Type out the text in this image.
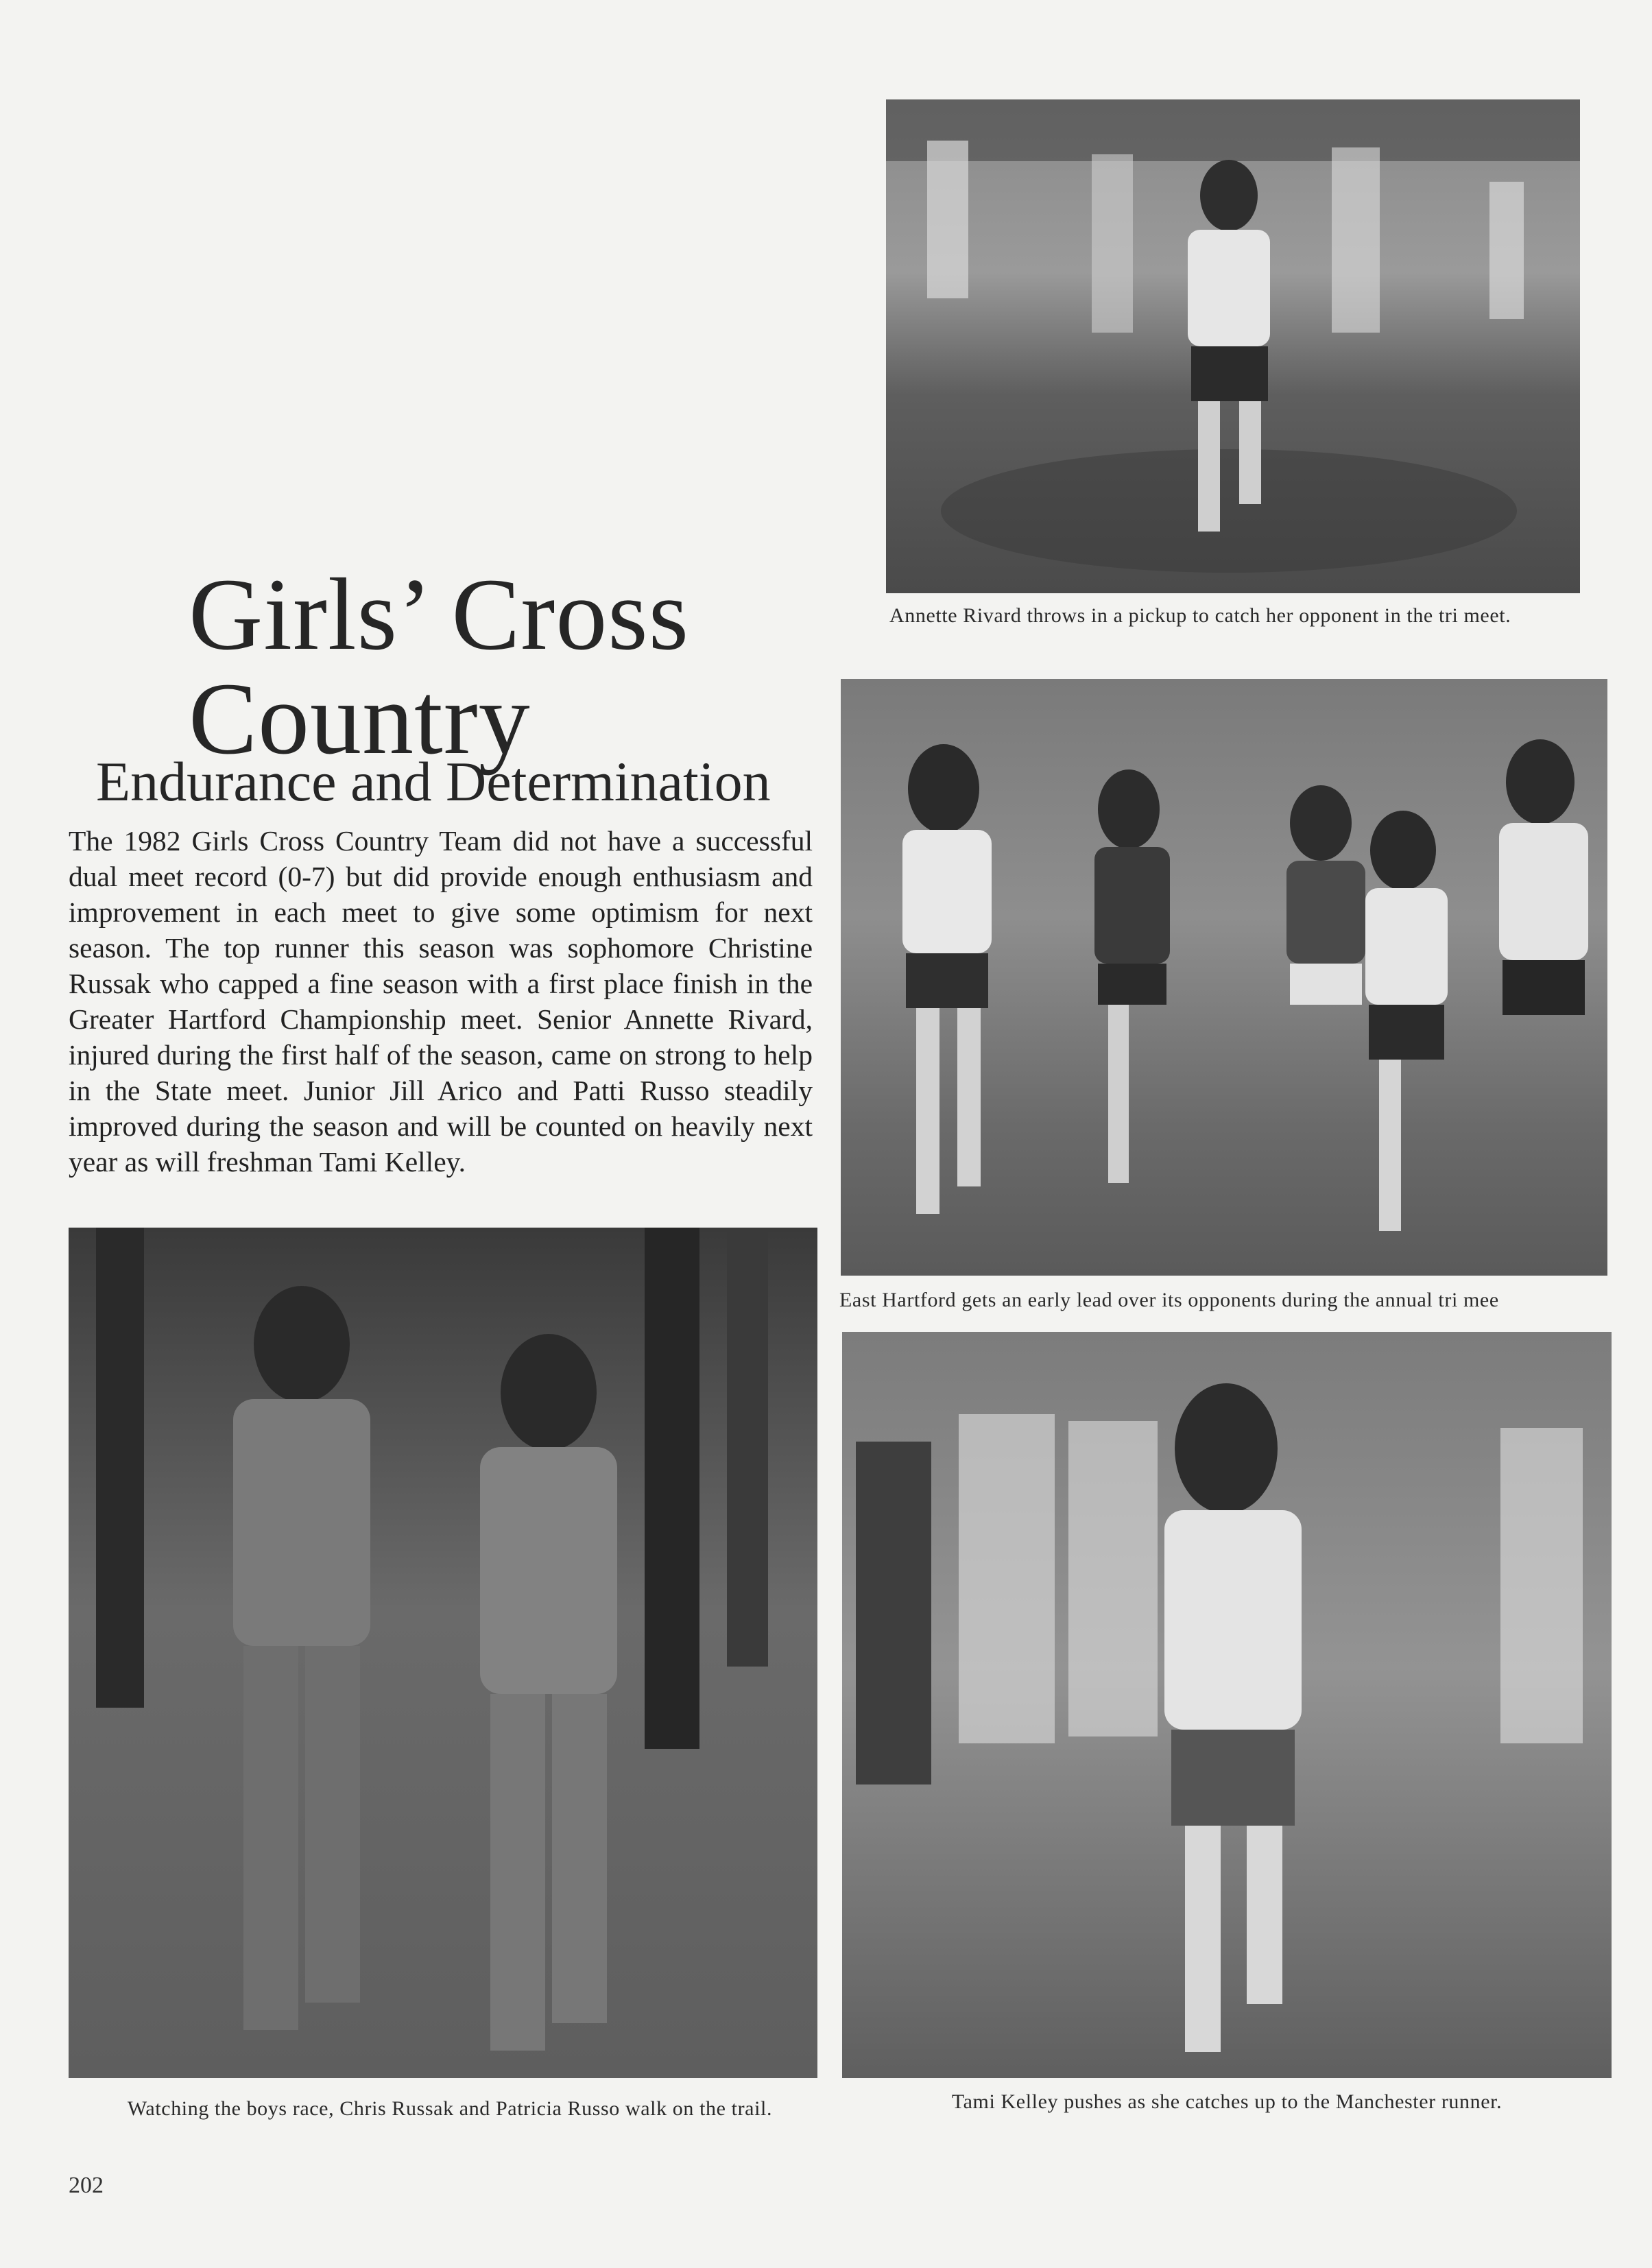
Annette Rivard throws in a pickup to catch her opponent in the tri meet.

East Hartford gets an early lead over its opponents during the annual tri mee

Watching the boys race, Chris Russak and Patricia Russo walk on the trail.	Tami Kelley pushes as she catches up to the Manchester runner.

Girls’ Cross
Country
Endurance and Determination

The 1982 Girls Cross Country Team did not have a successful dual meet record (0-7) but did provide enough enthusiasm and improvement in each meet to give some optimism for next season. The top runner this season was sophomore Christine Russak who capped a fine season with a first place finish in the Greater Hartford Championship meet. Senior Annette Rivard, injured during the first half of the season, came on strong to help in the State meet. Junior Jill Arico and Patti Russo steadily improved during the season and will be counted on heavily next year as will freshman Tami Kelley.

202
